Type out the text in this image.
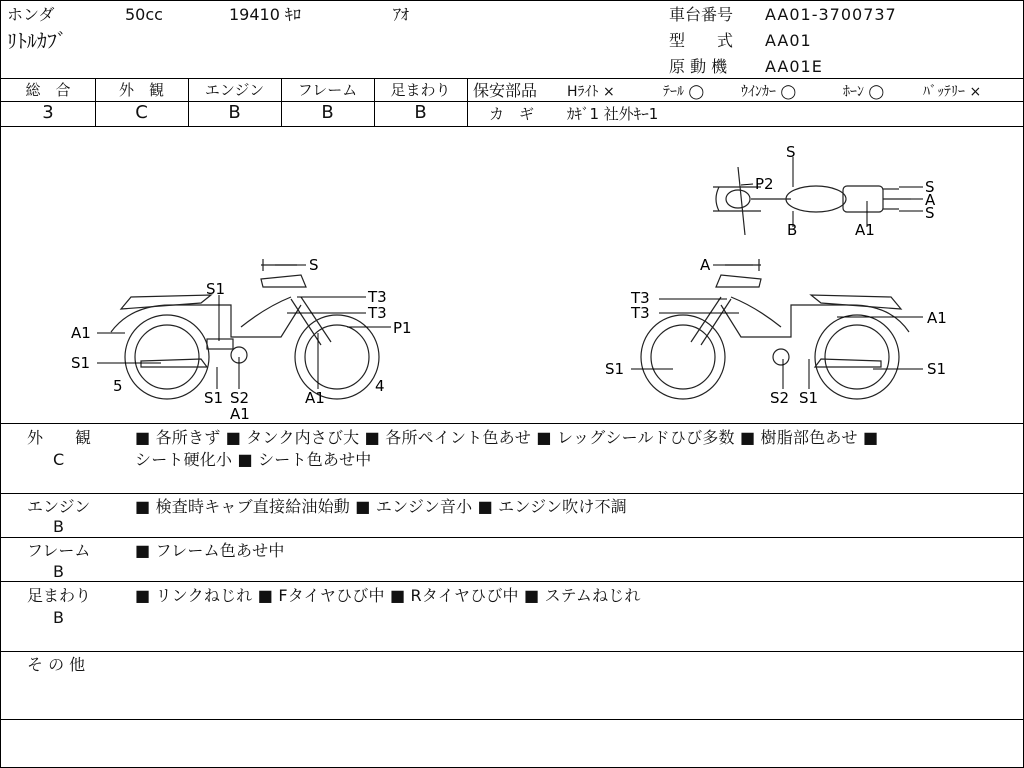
ホンダ	50cc	19410 ｷﾛ	ｱｵ
ﾘﾄﾙｶﾌﾞ
車台番号 AA01-3700737
型　　式 AA01
原 動 機 AA01E
総　合
3
外　観
C
エンジン
B
フレーム
B
足まわり
B
保安部品 Hﾗｲﾄ ×	ﾃｰﾙ ◯	ｳｲﾝｶｰ ◯	ﾎｰﾝ ◯	ﾊﾞｯﾃﾘｰ ×
カ　ギ ｶｷﾞ1 社外ｷｰ1
S
P2
B
S
A
S
A1
S
S1	T3
T3
P1
A1
S1
5
S1 S2
A1
A1
4
A
T3
T3	A1
S1	S1
S2 S1
外　　観
C
■ 各所きず ■ タンク内さび大 ■ 各所ペイント色あせ ■ レッグシールドひび多数 ■ 樹脂部色あせ ■
シート硬化小 ■ シート色あせ中
エンジン
B
■ 検査時キャブ直接給油始動 ■ エンジン音小 ■ エンジン吹け不調
フレーム
B
■ フレーム色あせ中
足まわり
B
■ リンクねじれ ■ Fタイヤひび中 ■ Rタイヤひび中 ■ ステムねじれ
そ の 他
